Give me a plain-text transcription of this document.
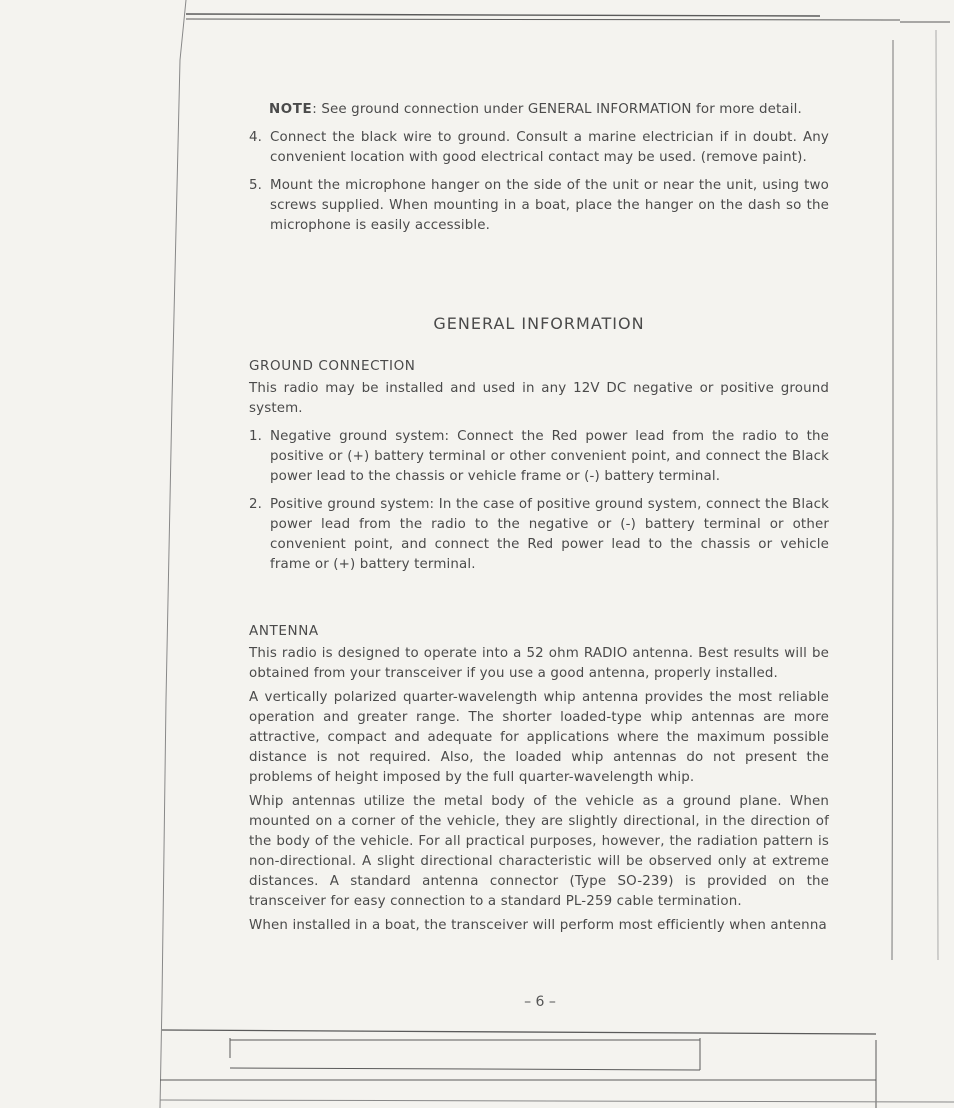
NOTE: See ground connection under GENERAL INFORMATION for more detail.
4. Connect the black wire to ground. Consult a marine electrician if in doubt. Any convenient location with good electrical contact may be used. (remove paint).
5. Mount the microphone hanger on the side of the unit or near the unit, using two screws supplied. When mounting in a boat, place the hanger on the dash so the microphone is easily accessible.
GENERAL INFORMATION
GROUND CONNECTION
This radio may be installed and used in any 12V DC negative or positive ground system.
1. Negative ground system: Connect the Red power lead from the radio to the positive or (+) battery terminal or other convenient point, and connect the Black power lead to the chassis or vehicle frame or (-) battery terminal.
2. Positive ground system: In the case of positive ground system, connect the Black power lead from the radio to the negative or (-) battery terminal or other convenient point, and connect the Red power lead to the chassis or vehicle frame or (+) battery terminal.
ANTENNA
This radio is designed to operate into a 52 ohm RADIO antenna. Best results will be obtained from your transceiver if you use a good antenna, properly installed.
A vertically polarized quarter-wavelength whip antenna provides the most reliable operation and greater range. The shorter loaded-type whip antennas are more attractive, compact and adequate for applications where the maximum possible distance is not required. Also, the loaded whip antennas do not present the problems of height imposed by the full quarter-wavelength whip.
Whip antennas utilize the metal body of the vehicle as a ground plane. When mounted on a corner of the vehicle, they are slightly directional, in the direction of the body of the vehicle. For all practical purposes, however, the radiation pattern is non-directional. A slight directional characteristic will be observed only at extreme distances. A standard antenna connector (Type SO-239) is provided on the transceiver for easy connection to a standard PL-259 cable termination.
When installed in a boat, the transceiver will perform most efficiently when antenna
– 6 –
